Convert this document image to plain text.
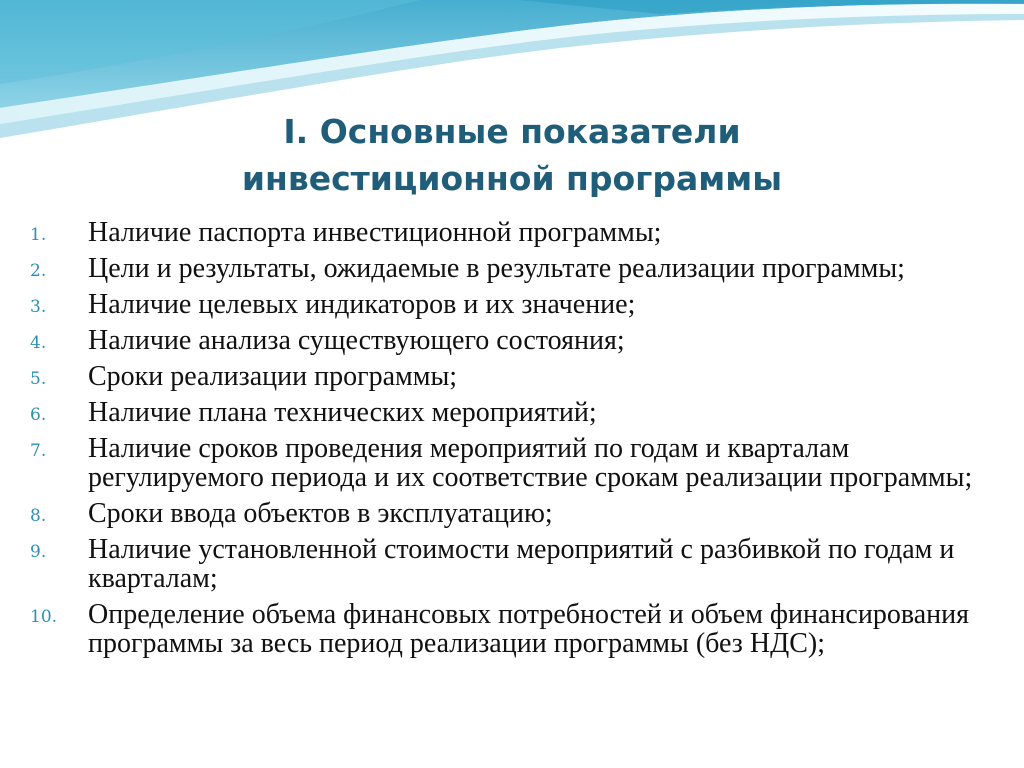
I. Основные показатели
инвестиционной программы
1. Наличие паспорта инвестиционной программы;
2. Цели и результаты, ожидаемые в результате реализации программы;
3. Наличие целевых индикаторов и их значение;
4. Наличие анализа существующего состояния;
5. Сроки реализации программы;
6. Наличие плана технических мероприятий;
7. Наличие сроков проведения мероприятий по годам и кварталам регулируемого периода и их соответствие срокам реализации программы;
8. Сроки ввода объектов в эксплуатацию;
9. Наличие установленной стоимости мероприятий с разбивкой по годам и кварталам;
10. Определение объема финансовых потребностей и объем финансирования программы за весь период реализации программы (без НДС);
